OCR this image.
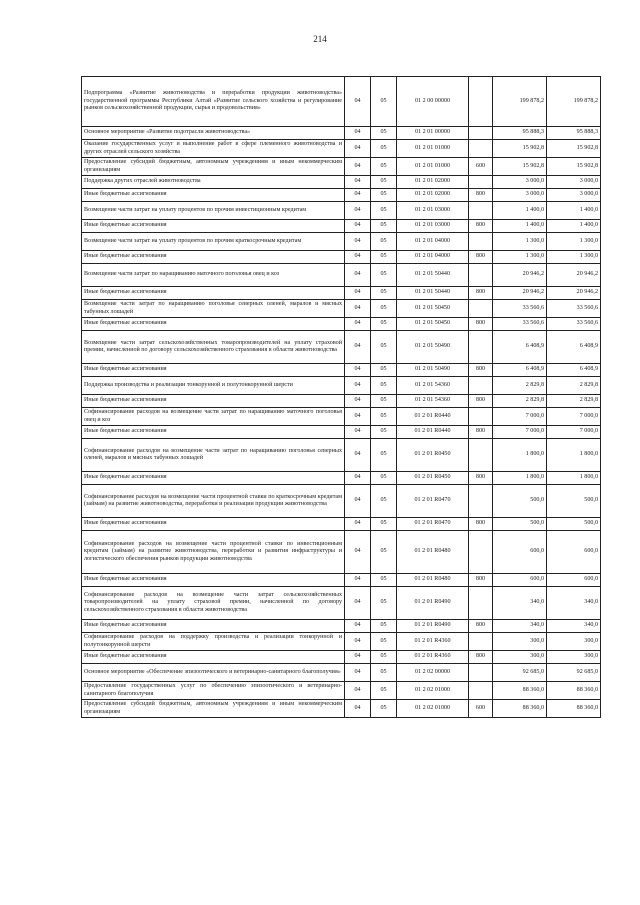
214
Подпрограмма «Развитие животноводства и переработки продукции животноводства» государственной программы Республики Алтай «Развитие сельского хозяйства и регулирование рынков сельскохозяйственной продукции, сырья и продовольствия»	04	05	01 2 00 00000		199 878,2	199 878,2
Основное мероприятие «Развитие подотрасли животноводства»	04	05	01 2 01 00000		95 888,3	95 888,3
Оказание государственных услуг и выполнение работ в сфере племенного животноводства и других отраслей сельского хозяйства	04	05	01 2 01 01000		15 902,8	15 902,8
Предоставление субсидий бюджетным, автономным учреждениям и иным некоммерческим организациям	04	05	01 2 01 01000	600	15 902,8	15 902,8
Поддержка других отраслей животноводства	04	05	01 2 01 02000		3 000,0	3 000,0
Иные бюджетные ассигнования	04	05	01 2 01 02000	800	3 000,0	3 000,0
Возмещение части затрат на уплату процентов по прочим инвестиционным кредитам	04	05	01 2 01 03000		1 400,0	1 400,0
Иные бюджетные ассигнования	04	05	01 2 01 03000	800	1 400,0	1 400,0
Возмещение части затрат на уплату процентов по прочим краткосрочным кредитам	04	05	01 2 01 04000		1 300,0	1 300,0
Иные бюджетные ассигнования	04	05	01 2 01 04000	800	1 300,0	1 300,0
Возмещение части затрат по наращиванию маточного поголовья овец и коз	04	05	01 2 01 50440		20 946,2	20 946,2
Иные бюджетные ассигнования	04	05	01 2 01 50440	800	20 946,2	20 946,2
Возмещение части затрат по наращиванию поголовья северных оленей, маралов и мясных табунных лошадей	04	05	01 2 01 50450		33 560,6	33 560,6
Иные бюджетные ассигнования	04	05	01 2 01 50450	800	33 560,6	33 560,6
Возмещение части затрат сельскохозяйственных товаропроизводителей на уплату страховой премии, начисленной по договору сельскохозяйственного страхования в области животноводства	04	05	01 2 01 50490		6 408,9	6 408,9
Иные бюджетные ассигнования	04	05	01 2 01 50490	800	6 408,9	6 408,9
Поддержка производства и реализации тонкорунной и полутонкорунной шерсти	04	05	01 2 01 54360		2 829,8	2 829,8
Иные бюджетные ассигнования	04	05	01 2 01 54360	800	2 829,8	2 829,8
Софинансирование расходов на возмещение части затрат по наращиванию маточного поголовья овец и коз	04	05	01 2 01 R0440		7 000,0	7 000,0
Иные бюджетные ассигнования	04	05	01 2 01 R0440	800	7 000,0	7 000,0
Софинансирование расходов на возмещение части затрат по наращиванию поголовья северных оленей, маралов и мясных табунных лошадей	04	05	01 2 01 R0450		1 800,0	1 800,0
Иные бюджетные ассигнования	04	05	01 2 01 R0450	800	1 800,0	1 800,0
Софинансирование расходов на возмещение части процентной ставки по краткосрочным кредитам (займам) на развитие животноводства, переработки и реализации продукции животноводства	04	05	01 2 01 R0470		500,0	500,0
Иные бюджетные ассигнования	04	05	01 2 01 R0470	800	500,0	500,0
Софинансирование расходов на возмещение части процентной ставки по инвестиционным кредитам (займам) на развитие животноводства, переработки и развития инфраструктуры и логистического обеспечения рынков продукции животноводства	04	05	01 2 01 R0480		600,0	600,0
Иные бюджетные ассигнования	04	05	01 2 01 R0480	800	600,0	600,0
Софинансирование расходов на возмещение части затрат сельскохозяйственных товаропроизводителей на уплату страховой премии, начисленной по договору сельскохозяйственного страхования в области животноводства	04	05	01 2 01 R0490		340,0	340,0
Иные бюджетные ассигнования	04	05	01 2 01 R0490	800	340,0	340,0
Софинансирование расходов на поддержку производства и реализации тонкорунной и полутонкорунной шерсти	04	05	01 2 01 R4360		300,0	300,0
Иные бюджетные ассигнования	04	05	01 2 01 R4360	800	300,0	300,0
Основное мероприятие «Обеспечение эпизоотического и ветеринарно-санитарного благополучия»	04	05	01 2 02 00000		92 685,0	92 685,0
Предоставление государственных услуг по обеспечению эпизоотического и ветеринарно-санитарного благополучия	04	05	01 2 02 01000		88 360,0	88 360,0
Предоставление субсидий бюджетным, автономным учреждениям и иным некоммерческим организациям	04	05	01 2 02 01000	600	88 360,0	88 360,0
